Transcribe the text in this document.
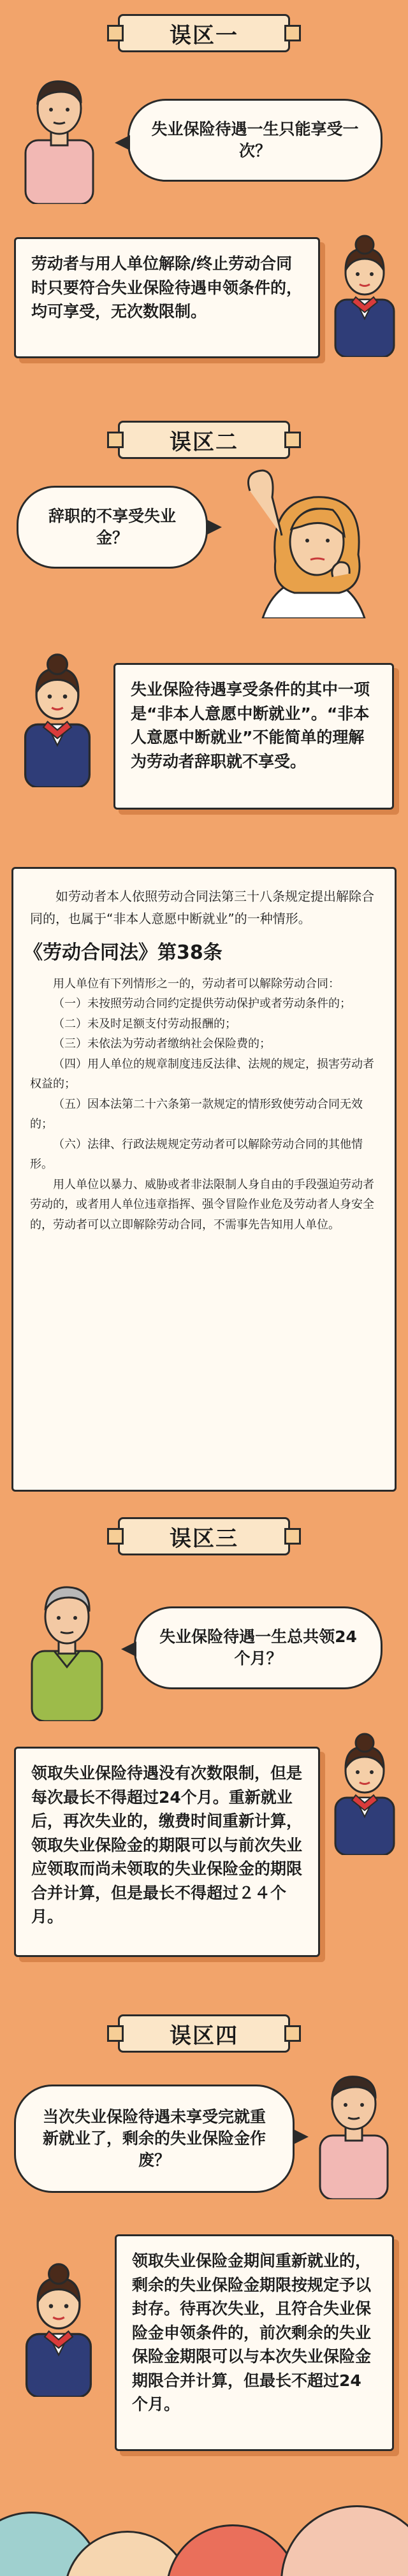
误区一
失业保险待遇一生只能享受一次？
劳动者与用人单位解除/终止劳动合同时只要符合失业保险待遇申领条件的，均可享受，无次数限制。
误区二
辞职的不享受失业金？
失业保险待遇享受条件的其中一项是“非本人意愿中断就业”。“非本人意愿中断就业”不能简单的理解为劳动者辞职就不享受。

如劳动者本人依照劳动合同法第三十八条规定提出解除合同的，也属于“非本人意愿中断就业”的一种情形。

《劳动合同法》第38条

用人单位有下列情形之一的，劳动者可以解除劳动合同：

（一）未按照劳动合同约定提供劳动保护或者劳动条件的；

（二）未及时足额支付劳动报酬的；

（三）未依法为劳动者缴纳社会保险费的；

（四）用人单位的规章制度违反法律、法规的规定，损害劳动者权益的；

（五）因本法第二十六条第一款规定的情形致使劳动合同无效的；

（六）法律、行政法规规定劳动者可以解除劳动合同的其他情形。

用人单位以暴力、威胁或者非法限制人身自由的手段强迫劳动者劳动的，或者用人单位违章指挥、强令冒险作业危及劳动者人身安全的，劳动者可以立即解除劳动合同，不需事先告知用人单位。

误区三
失业保险待遇一生总共领24个月？
领取失业保险待遇没有次数限制，但是每次最长不得超过24个月。重新就业后，再次失业的，缴费时间重新计算，领取失业保险金的期限可以与前次失业应领取而尚未领取的失业保险金的期限合并计算，但是最长不得超过２４个月。
误区四
当次失业保险待遇未享受完就重新就业了，剩余的失业保险金作废？
领取失业保险金期间重新就业的，剩余的失业保险金期限按规定予以封存。待再次失业，且符合失业保险金申领条件的，前次剩余的失业保险金期限可以与本次失业保险金期限合并计算，但最长不超过24个月。
